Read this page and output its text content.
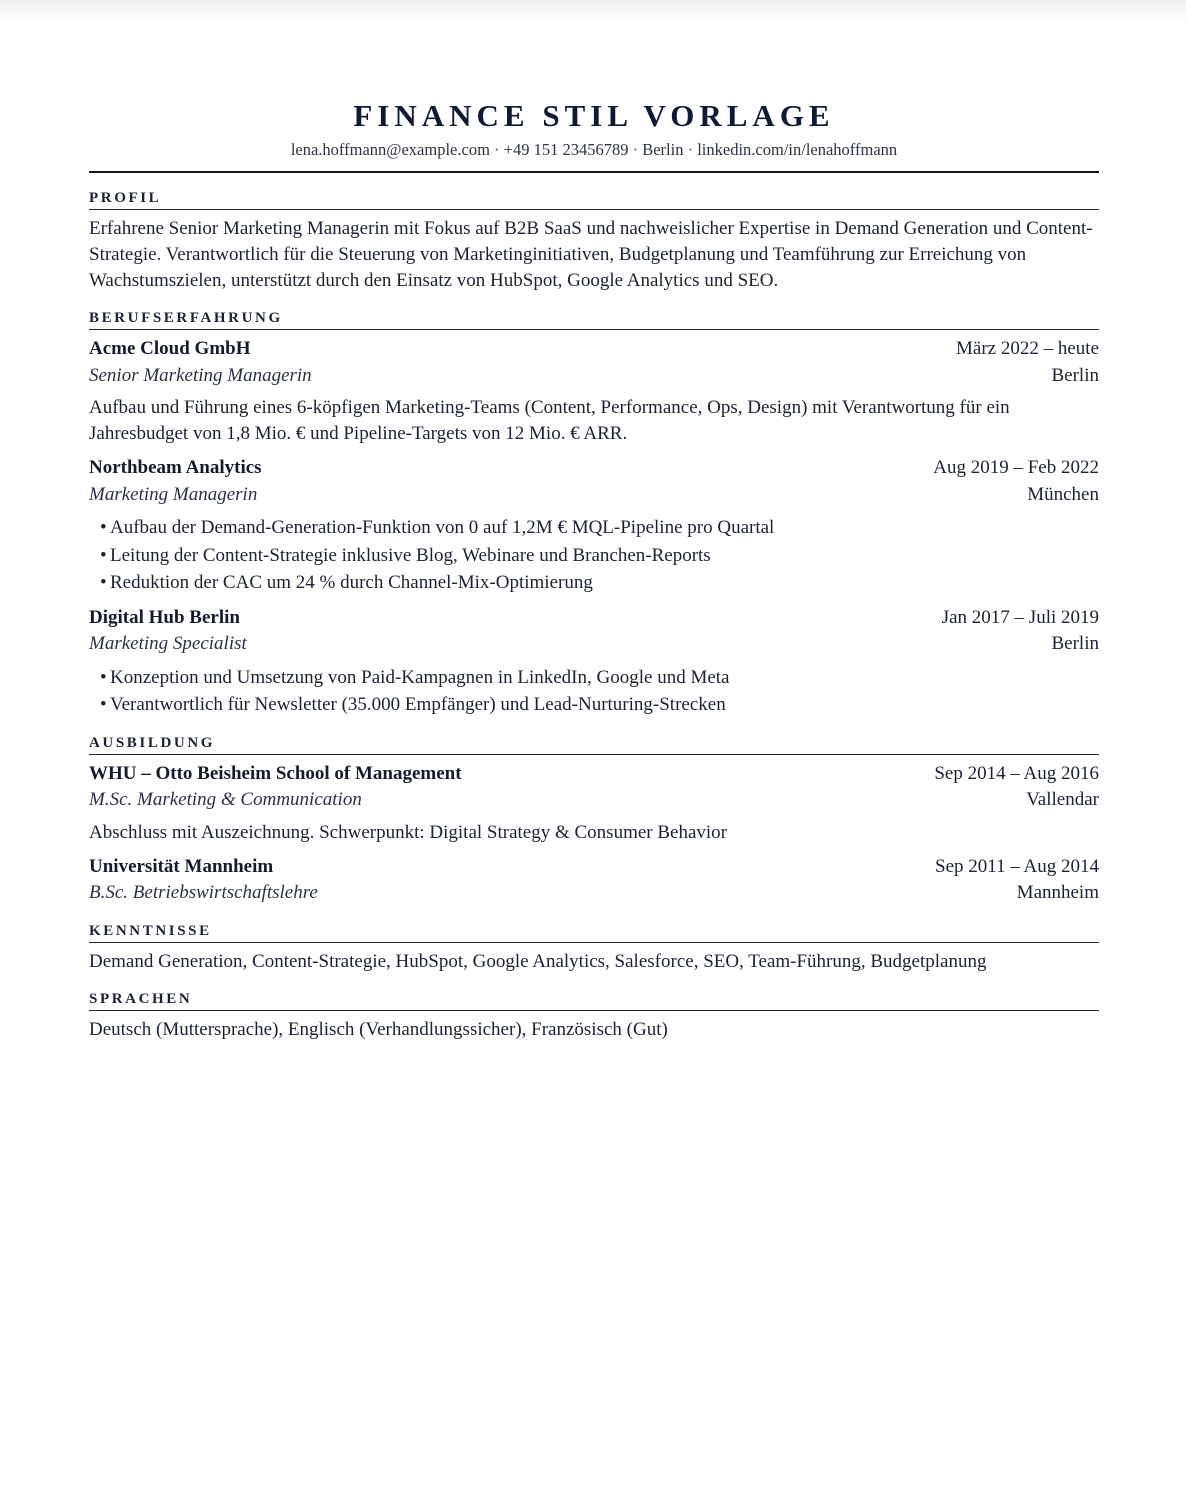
FINANCE STIL VORLAGE
lena.hoffmann@example.com · +49 151 23456789 · Berlin · linkedin.com/in/lenahoffmann
PROFIL
Erfahrene Senior Marketing Managerin mit Fokus auf B2B SaaS und nachweislicher Expertise in Demand Generation und Content-Strategie. Verantwortlich für die Steuerung von Marketinginitiativen, Budgetplanung und Teamführung zur Erreichung von Wachstumszielen, unterstützt durch den Einsatz von HubSpot, Google Analytics und SEO.
BERUFSERFAHRUNG
Acme Cloud GmbH	März 2022 – heute
Senior Marketing Managerin	Berlin
Aufbau und Führung eines 6-köpfigen Marketing-Teams (Content, Performance, Ops, Design) mit Verantwortung für ein Jahresbudget von 1,8 Mio. € und Pipeline-Targets von 12 Mio. € ARR.
Northbeam Analytics	Aug 2019 – Feb 2022
Marketing Managerin	München
• Aufbau der Demand-Generation-Funktion von 0 auf 1,2M € MQL-Pipeline pro Quartal
• Leitung der Content-Strategie inklusive Blog, Webinare und Branchen-Reports
• Reduktion der CAC um 24 % durch Channel-Mix-Optimierung
Digital Hub Berlin	Jan 2017 – Juli 2019
Marketing Specialist	Berlin
• Konzeption und Umsetzung von Paid-Kampagnen in LinkedIn, Google und Meta
• Verantwortlich für Newsletter (35.000 Empfänger) und Lead-Nurturing-Strecken
AUSBILDUNG
WHU – Otto Beisheim School of Management	Sep 2014 – Aug 2016
M.Sc. Marketing & Communication	Vallendar
Abschluss mit Auszeichnung. Schwerpunkt: Digital Strategy & Consumer Behavior
Universität Mannheim	Sep 2011 – Aug 2014
B.Sc. Betriebswirtschaftslehre	Mannheim
KENNTNISSE
Demand Generation, Content-Strategie, HubSpot, Google Analytics, Salesforce, SEO, Team-Führung, Budgetplanung
SPRACHEN
Deutsch (Muttersprache), Englisch (Verhandlungssicher), Französisch (Gut)
